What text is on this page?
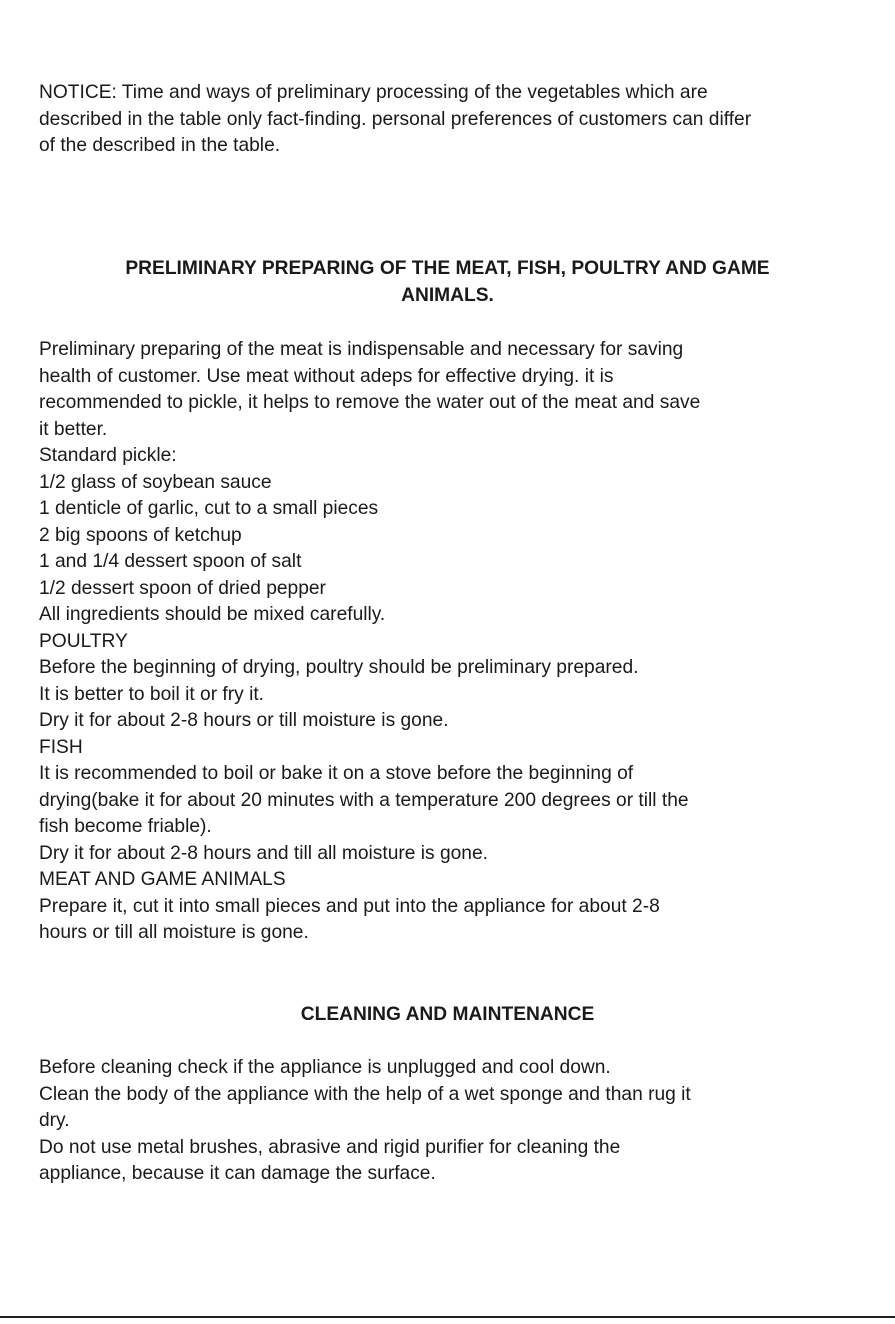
NOTICE: Time and ways of preliminary processing of the vegetables which are
described in the table only fact-finding. personal preferences of customers can differ
of the described in the table.
PRELIMINARY PREPARING OF THE MEAT, FISH, POULTRY AND GAME
ANIMALS.
Preliminary preparing of the meat is indispensable and necessary for saving
health of customer. Use meat without adeps for effective drying. it is
recommended to pickle, it helps to remove the water out of the meat and save
it better.
Standard pickle:
1/2 glass of soybean sauce
1 denticle of garlic, cut to a small pieces
2 big spoons of ketchup
1 and 1/4 dessert spoon of salt
1/2 dessert spoon of dried pepper
All ingredients should be mixed carefully.
POULTRY
Before the beginning of drying, poultry should be preliminary prepared.
It is better to boil it or fry it.
Dry it for about 2-8 hours or till moisture is gone.
FISH
It is recommended to boil or bake it on a stove before the beginning of
drying(bake it for about 20 minutes with a temperature 200 degrees or till the
fish become friable).
Dry it for about 2-8 hours and till all moisture is gone.
MEAT AND GAME ANIMALS
Prepare it, cut it into small pieces and put into the appliance for about 2-8
hours or till all moisture is gone.
CLEANING AND MAINTENANCE
Before cleaning check if the appliance is unplugged and cool down.
Clean the body of the appliance with the help of a wet sponge and than rug it
dry.
Do not use metal brushes, abrasive and rigid purifier for cleaning the
appliance, because it can damage the surface.
